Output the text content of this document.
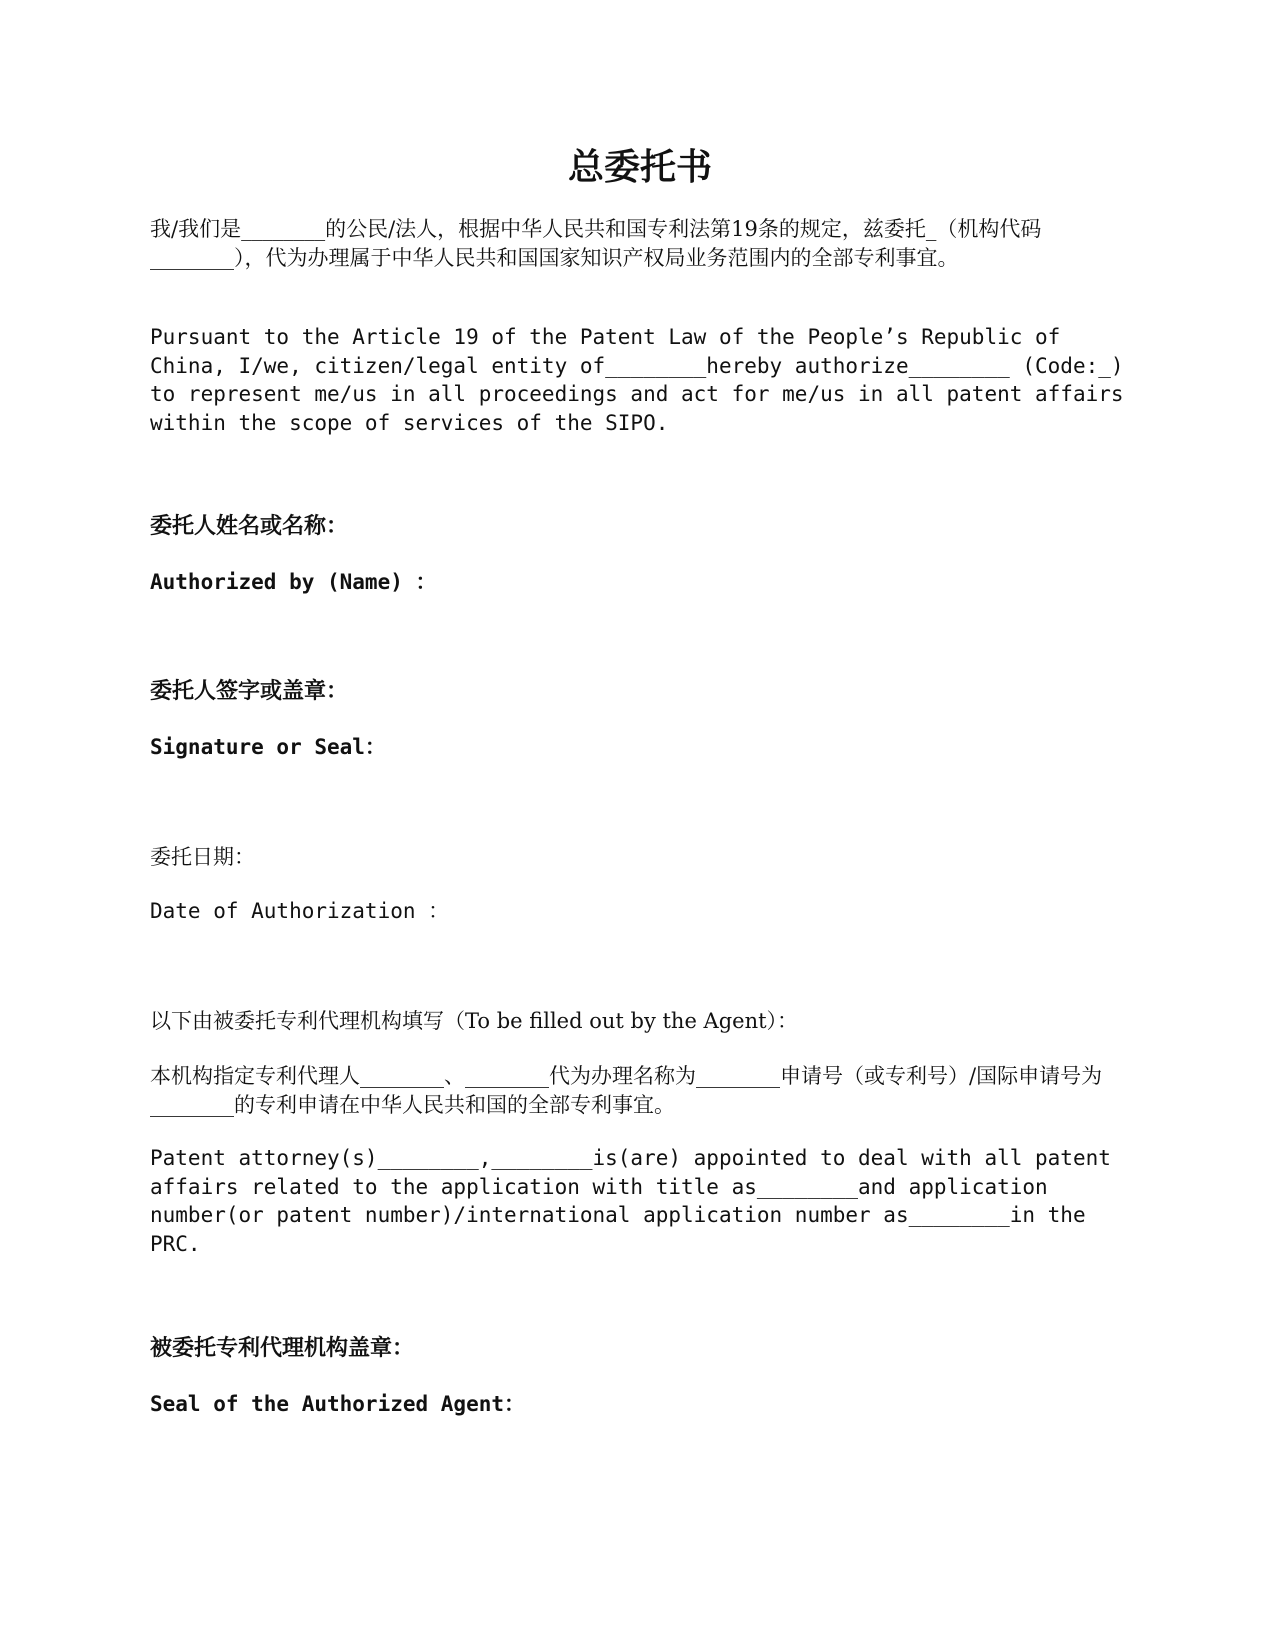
总委托书

我/我们是________的公民/法人，根据中华人民共和国专利法第19条的规定，兹委托_（机构代码________），代为办理属于中华人民共和国国家知识产权局业务范围内的全部专利事宜。

Pursuant to the Article 19 of the Patent Law of the People’s Republic of China, I/we, citizen/legal entity of________hereby authorize________ (Code:_) to represent me/us in all proceedings and act for me/us in all patent affairs within the scope of services of the SIPO.

委托人姓名或名称：

Authorized by (Name) ：

委托人签字或盖章：

Signature or Seal：

委托日期：

Date of Authorization ：

以下由被委托专利代理机构填写（To be filled out by the Agent）：

本机构指定专利代理人________、________代为办理名称为________申请号（或专利号）/国际申请号为________的专利申请在中华人民共和国的全部专利事宜。

Patent attorney(s)________,________is(are) appointed to deal with all patent affairs related to the application with title as________and application number(or patent number)/international application number as________in the PRC.

被委托专利代理机构盖章：

Seal of the Authorized Agent：
